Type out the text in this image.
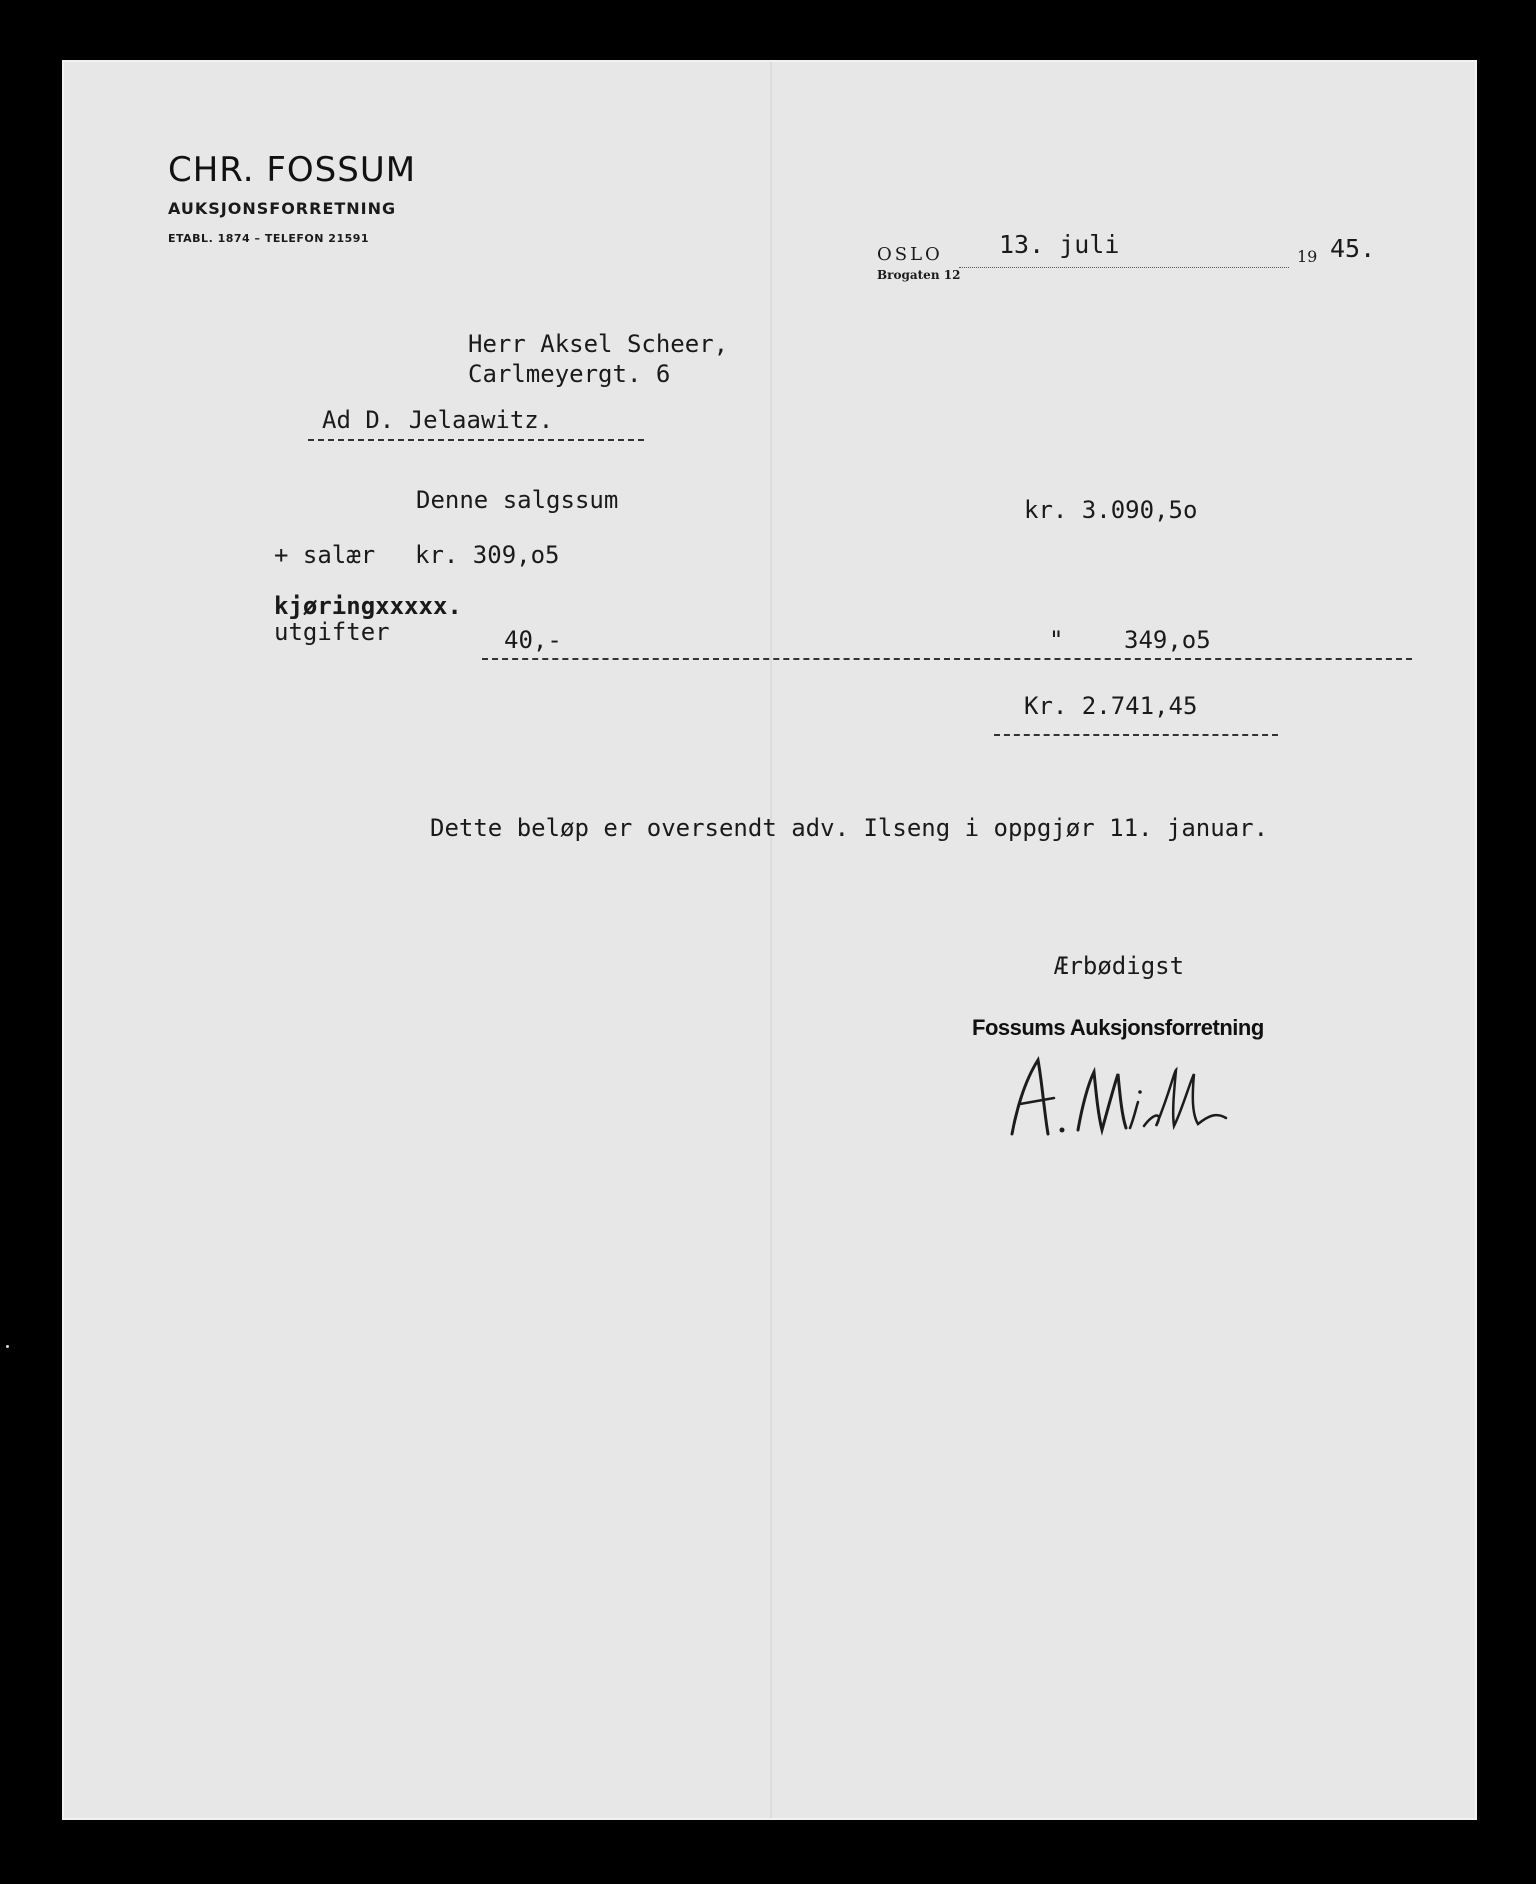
CHR. FOSSUM
AUKSJONSFORRETNING
ETABL. 1874 – TELEFON 21591
OSLO
Brogaten 12
13. juli	19 45.
Herr Aksel Scheer,
Carlmeyergt. 6
Ad D. Jelaawitz.
Denne salgssum	kr. 3.090,5o
+ salær kr. 309,o5
kjøringxxxxx.
utgifter	40,-	"	349,o5
Kr. 2.741,45
Dette beløp er oversendt adv. Ilseng i oppgjør 11. januar.
Ærbødigst
Fossums Auksjonsforretning
